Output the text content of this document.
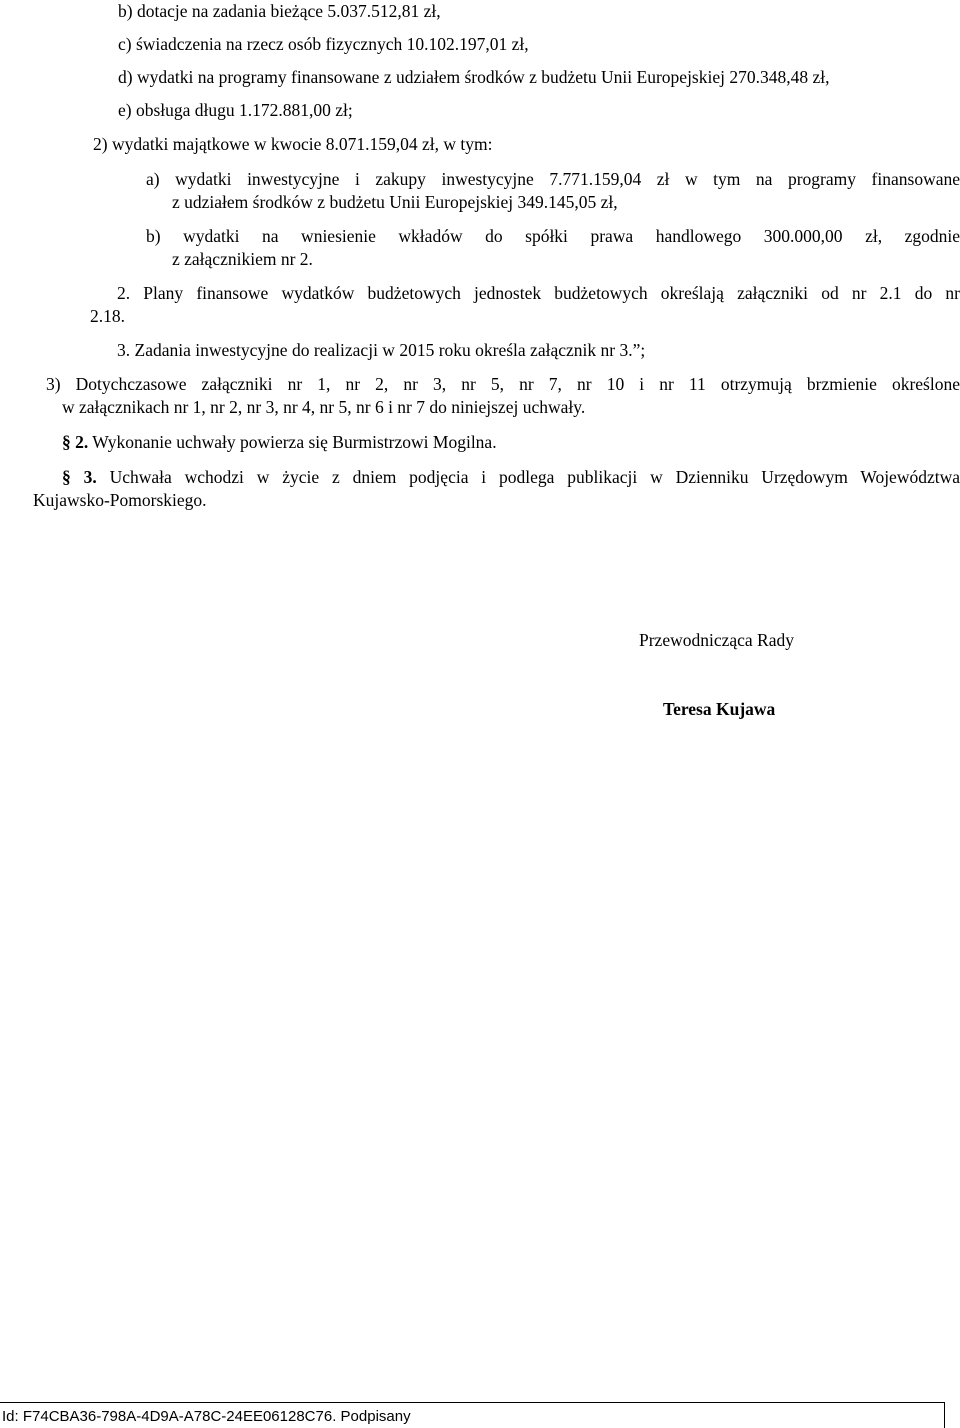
b) dotacje na zadania bieżące 5.037.512,81 zł,
c) świadczenia na rzecz osób fizycznych 10.102.197,01 zł,
d) wydatki na programy finansowane z udziałem środków z budżetu Unii Europejskiej 270.348,48 zł,
e) obsługa długu 1.172.881,00 zł;
2) wydatki majątkowe w kwocie 8.071.159,04 zł, w tym:
a) wydatki inwestycyjne i zakupy inwestycyjne 7.771.159,04 zł w tym na programy finansowane
z udziałem środków z budżetu Unii Europejskiej 349.145,05 zł,
b) wydatki na wniesienie wkładów do spółki prawa handlowego 300.000,00 zł, zgodnie
z załącznikiem nr 2.
2. Plany finansowe wydatków budżetowych jednostek budżetowych określają załączniki od nr 2.1 do nr
2.18.
3. Zadania inwestycyjne do realizacji w 2015 roku określa załącznik nr 3.”;
3) Dotychczasowe załączniki nr 1, nr 2, nr 3, nr 5, nr 7, nr 10 i nr 11 otrzymują brzmienie określone
w załącznikach nr 1, nr 2, nr 3, nr 4, nr 5, nr 6 i nr 7 do niniejszej uchwały.
§ 2. Wykonanie uchwały powierza się Burmistrzowi Mogilna.
§ 3. Uchwała wchodzi w życie z dniem podjęcia i podlega publikacji w Dzienniku Urzędowym Województwa
Kujawsko-Pomorskiego.
Przewodnicząca Rady
Teresa Kujawa
Id: F74CBA36-798A-4D9A-A78C-24EE06128C76. Podpisany
